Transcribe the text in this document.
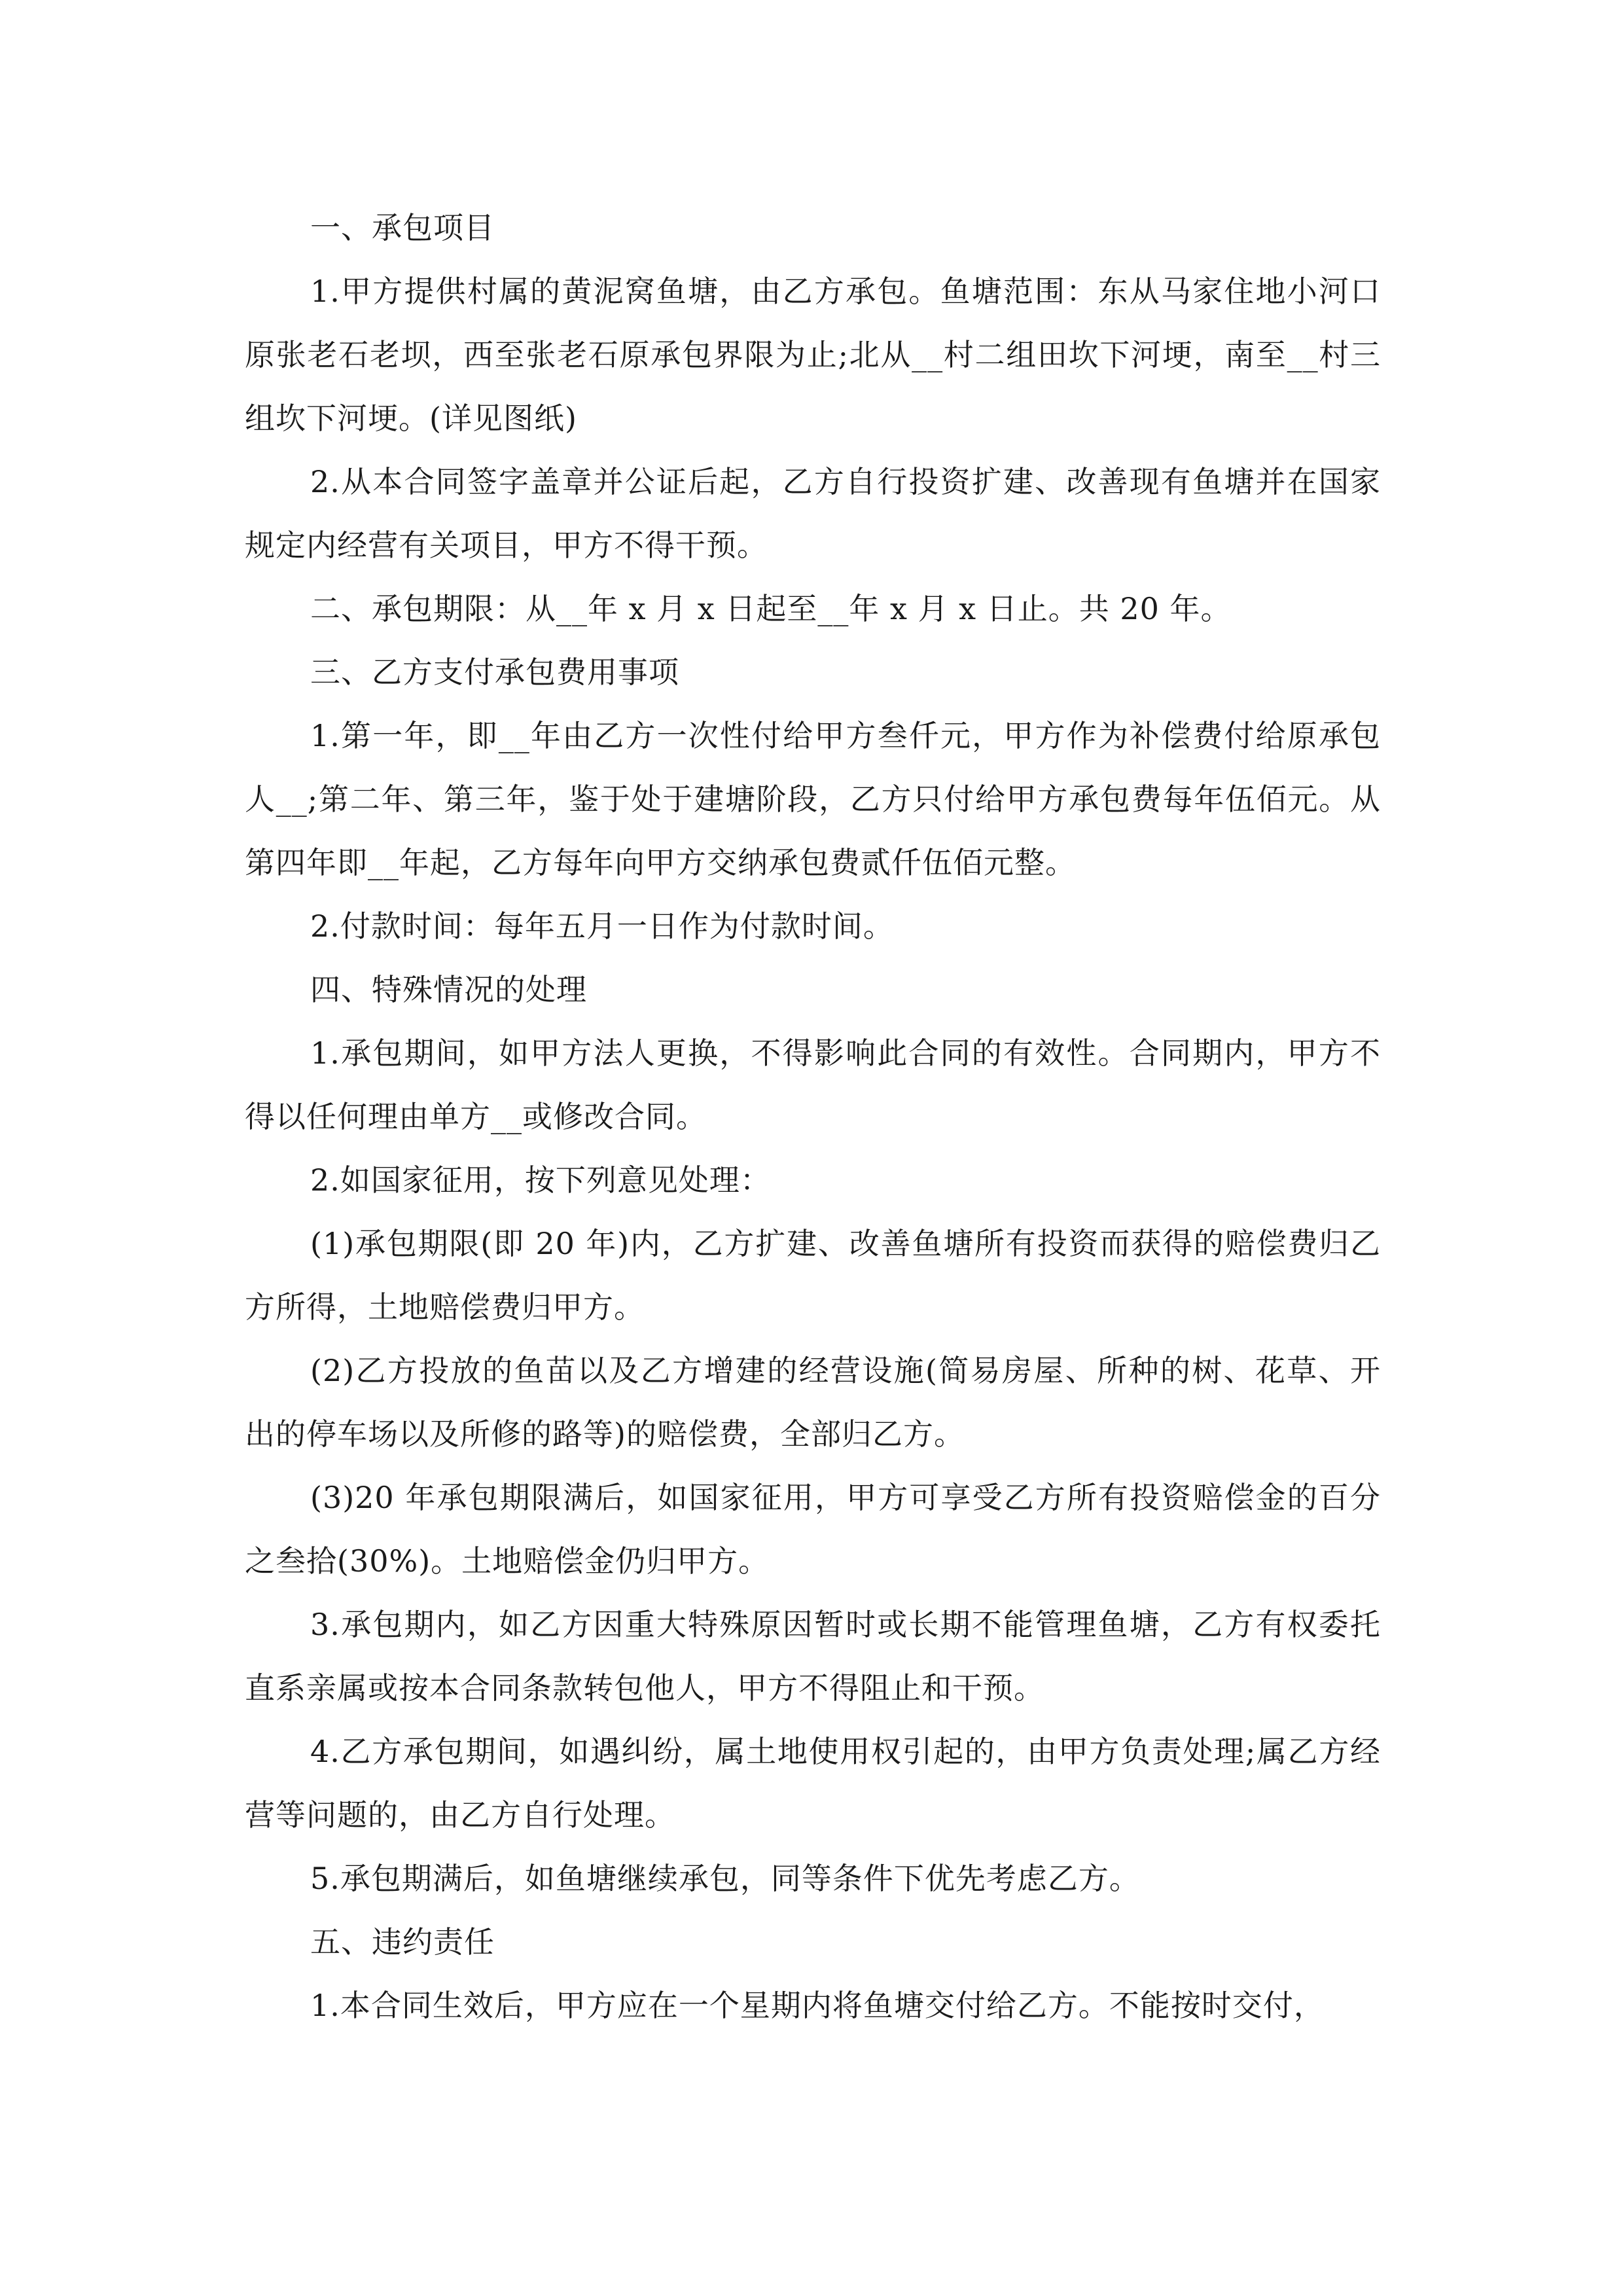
一、承包项目

1.甲方提供村属的黄泥窝鱼塘，由乙方承包。鱼塘范围：东从马家住地小河口原张老石老坝，西至张老石原承包界限为止;北从__村二组田坎下河埂，南至__村三组坎下河埂。(详见图纸)

2.从本合同签字盖章并公证后起，乙方自行投资扩建、改善现有鱼塘并在国家规定内经营有关项目，甲方不得干预。

二、承包期限：从__年 x 月 x 日起至__年 x 月 x 日止。共 20 年。

三、乙方支付承包费用事项

1.第一年，即__年由乙方一次性付给甲方叁仟元，甲方作为补偿费付给原承包人__;第二年、第三年，鉴于处于建塘阶段，乙方只付给甲方承包费每年伍佰元。从第四年即__年起，乙方每年向甲方交纳承包费贰仟伍佰元整。

2.付款时间：每年五月一日作为付款时间。

四、特殊情况的处理

1.承包期间，如甲方法人更换，不得影响此合同的有效性。合同期内，甲方不得以任何理由单方__或修改合同。

2.如国家征用，按下列意见处理：

(1)承包期限(即 20 年)内，乙方扩建、改善鱼塘所有投资而获得的赔偿费归乙方所得，土地赔偿费归甲方。

(2)乙方投放的鱼苗以及乙方增建的经营设施(简易房屋、所种的树、花草、开出的停车场以及所修的路等)的赔偿费，全部归乙方。

(3)20 年承包期限满后，如国家征用，甲方可享受乙方所有投资赔偿金的百分之叁拾(30%)。土地赔偿金仍归甲方。

3.承包期内，如乙方因重大特殊原因暂时或长期不能管理鱼塘，乙方有权委托直系亲属或按本合同条款转包他人，甲方不得阻止和干预。

4.乙方承包期间，如遇纠纷，属土地使用权引起的，由甲方负责处理;属乙方经营等问题的，由乙方自行处理。

5.承包期满后，如鱼塘继续承包，同等条件下优先考虑乙方。

五、违约责任

1.本合同生效后，甲方应在一个星期内将鱼塘交付给乙方。不能按时交付，
